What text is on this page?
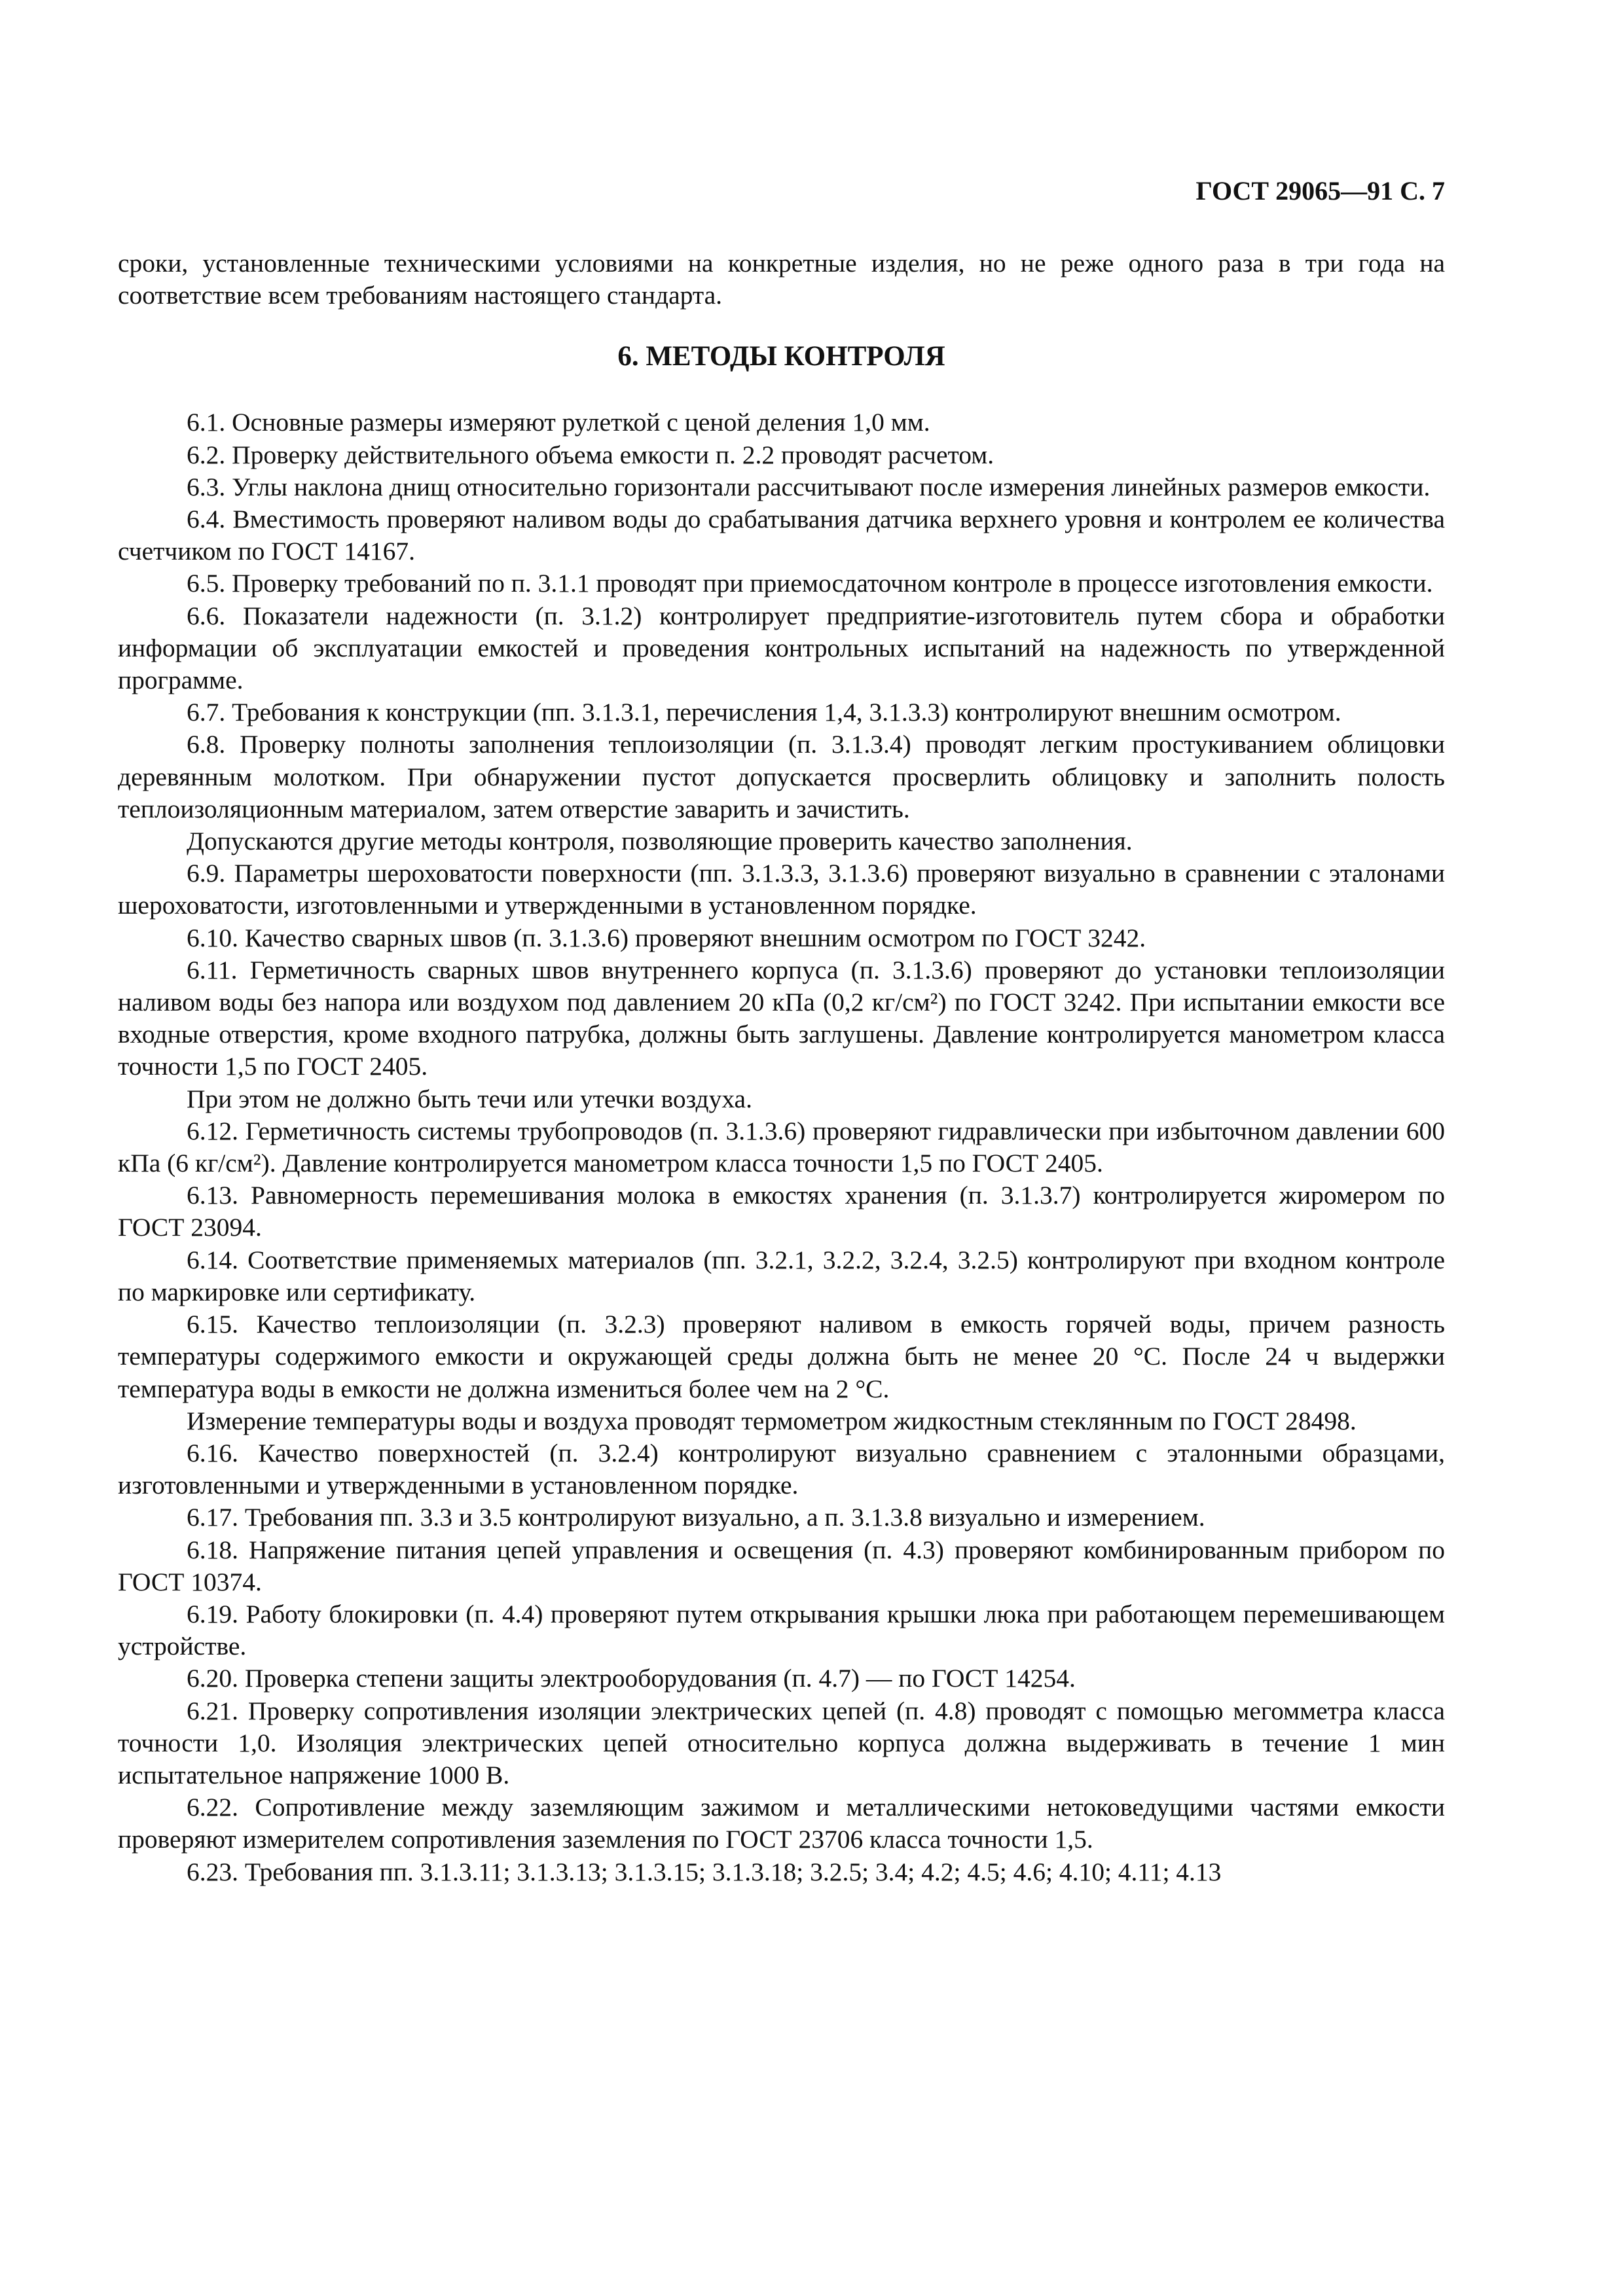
ГОСТ 29065—91 С. 7

сроки, установленные техническими условиями на конкретные изделия, но не реже одного раза в три года на соответствие всем требованиям настоящего стандарта.

6. МЕТОДЫ КОНТРОЛЯ

6.1. Основные размеры измеряют рулеткой с ценой деления 1,0 мм.

6.2. Проверку действительного объема емкости п. 2.2 проводят расчетом.

6.3. Углы наклона днищ относительно горизонтали рассчитывают после измерения линейных размеров емкости.

6.4. Вместимость проверяют наливом воды до срабатывания датчика верхнего уровня и контролем ее количества счетчиком по ГОСТ 14167.

6.5. Проверку требований по п. 3.1.1 проводят при приемосдаточном контроле в процессе изготовления емкости.

6.6. Показатели надежности (п. 3.1.2) контролирует предприятие-изготовитель путем сбора и обработки информации об эксплуатации емкостей и проведения контрольных испытаний на надежность по утвержденной программе.

6.7. Требования к конструкции (пп. 3.1.3.1, перечисления 1,4, 3.1.3.3) контролируют внешним осмотром.

6.8. Проверку полноты заполнения теплоизоляции (п. 3.1.3.4) проводят легким простукиванием облицовки деревянным молотком. При обнаружении пустот допускается просверлить облицовку и заполнить полость теплоизоляционным материалом, затем отверстие заварить и зачистить.

Допускаются другие методы контроля, позволяющие проверить качество заполнения.

6.9. Параметры шероховатости поверхности (пп. 3.1.3.3, 3.1.3.6) проверяют визуально в сравнении с эталонами шероховатости, изготовленными и утвержденными в установленном порядке.

6.10. Качество сварных швов (п. 3.1.3.6) проверяют внешним осмотром по ГОСТ 3242.

6.11. Герметичность сварных швов внутреннего корпуса (п. 3.1.3.6) проверяют до установки теплоизоляции наливом воды без напора или воздухом под давлением 20 кПа (0,2 кг/см²) по ГОСТ 3242. При испытании емкости все входные отверстия, кроме входного патрубка, должны быть заглушены. Давление контролируется манометром класса точности 1,5 по ГОСТ 2405.

При этом не должно быть течи или утечки воздуха.

6.12. Герметичность системы трубопроводов (п. 3.1.3.6) проверяют гидравлически при избыточном давлении 600 кПа (6 кг/см²). Давление контролируется манометром класса точности 1,5 по ГОСТ 2405.

6.13. Равномерность перемешивания молока в емкостях хранения (п. 3.1.3.7) контролируется жиромером по ГОСТ 23094.

6.14. Соответствие применяемых материалов (пп. 3.2.1, 3.2.2, 3.2.4, 3.2.5) контролируют при входном контроле по маркировке или сертификату.

6.15. Качество теплоизоляции (п. 3.2.3) проверяют наливом в емкость горячей воды, причем разность температуры содержимого емкости и окружающей среды должна быть не менее 20 °С. После 24 ч выдержки температура воды в емкости не должна измениться более чем на 2 °С.

Измерение температуры воды и воздуха проводят термометром жидкостным стеклянным по ГОСТ 28498.

6.16. Качество поверхностей (п. 3.2.4) контролируют визуально сравнением с эталонными образцами, изготовленными и утвержденными в установленном порядке.

6.17. Требования пп. 3.3 и 3.5 контролируют визуально, а п. 3.1.3.8 визуально и измерением.

6.18. Напряжение питания цепей управления и освещения (п. 4.3) проверяют комбинированным прибором по ГОСТ 10374.

6.19. Работу блокировки (п. 4.4) проверяют путем открывания крышки люка при работающем перемешивающем устройстве.

6.20. Проверка степени защиты электрооборудования (п. 4.7) — по ГОСТ 14254.

6.21. Проверку сопротивления изоляции электрических цепей (п. 4.8) проводят с помощью мегомметра класса точности 1,0. Изоляция электрических цепей относительно корпуса должна выдерживать в течение 1 мин испытательное напряжение 1000 В.

6.22. Сопротивление между заземляющим зажимом и металлическими нетоковедущими частями емкости проверяют измерителем сопротивления заземления по ГОСТ 23706 класса точности 1,5.

6.23. Требования пп. 3.1.3.11; 3.1.3.13; 3.1.3.15; 3.1.3.18; 3.2.5; 3.4; 4.2; 4.5; 4.6; 4.10; 4.11; 4.13
